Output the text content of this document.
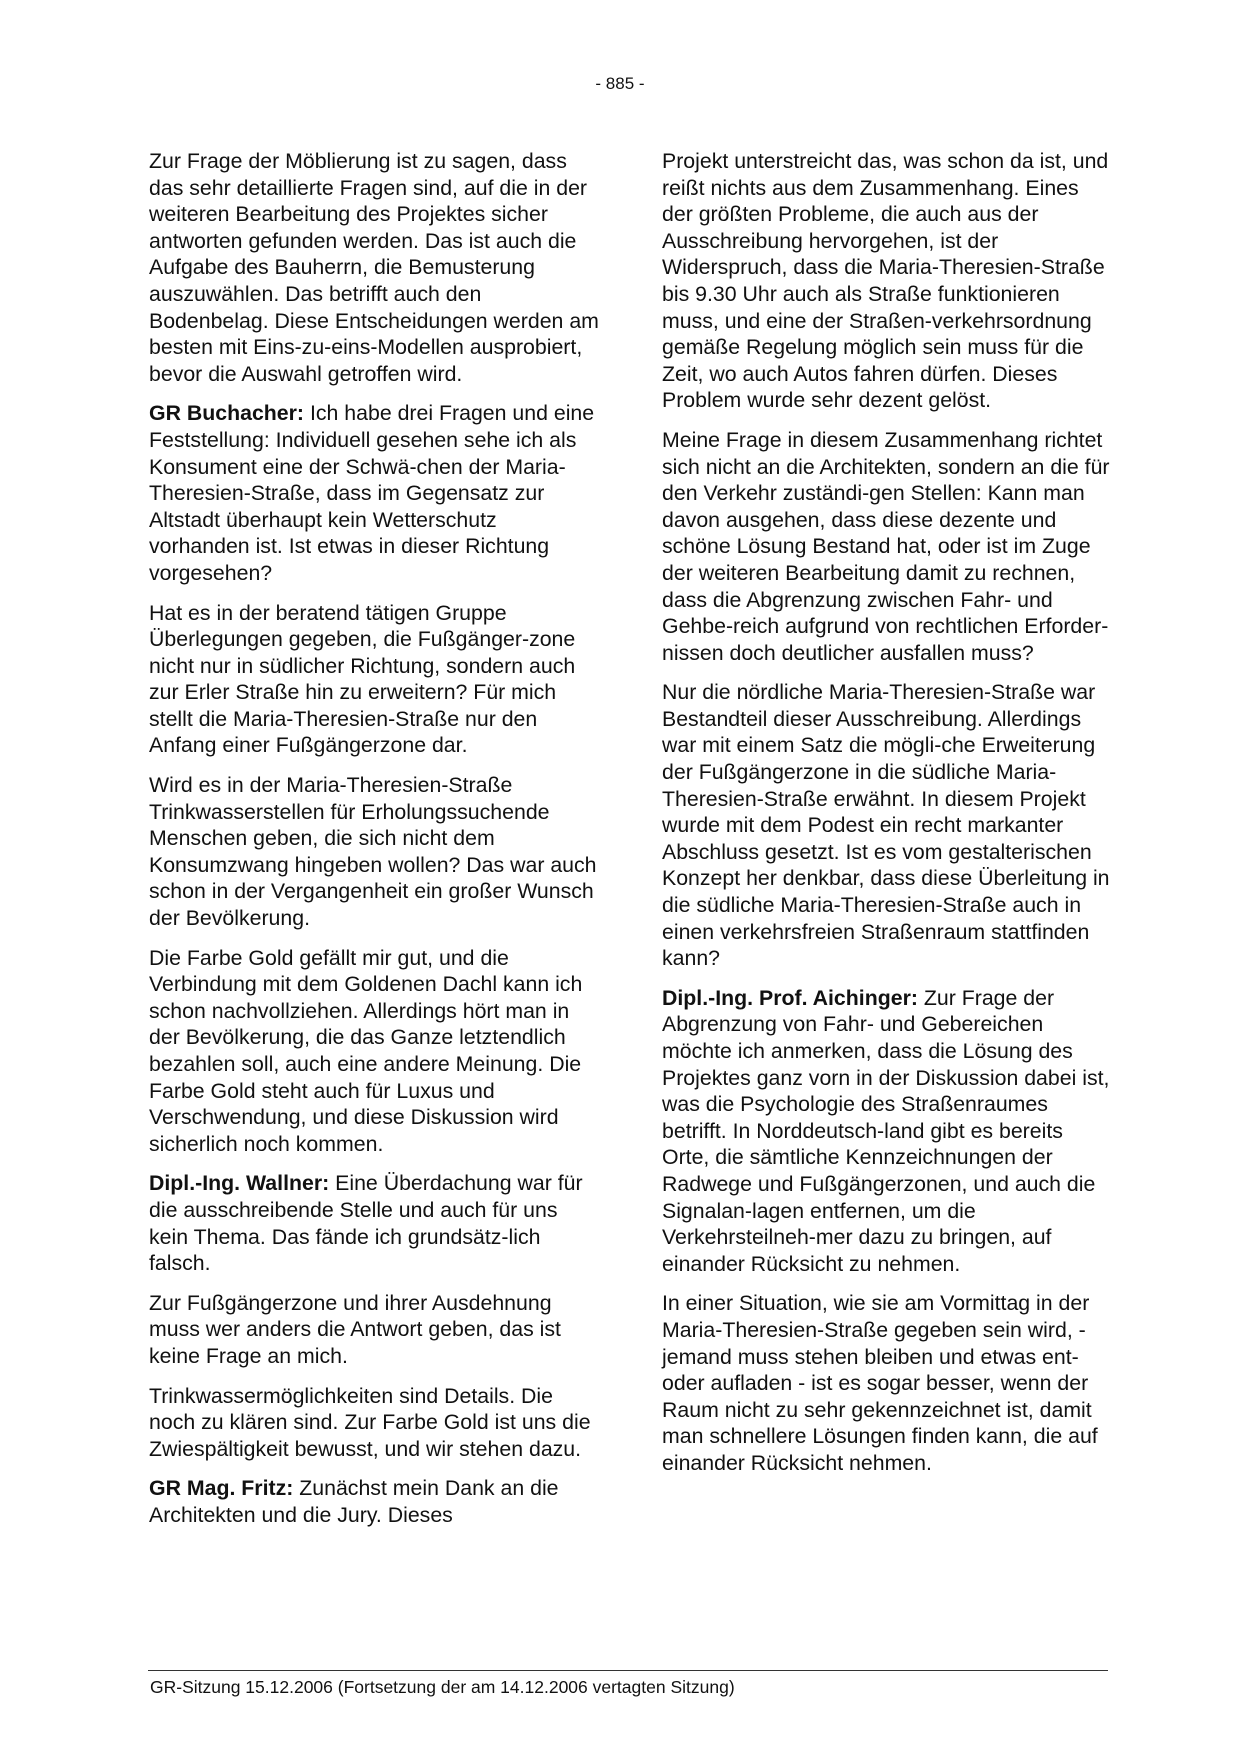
- 885 -

Zur Frage der Möblierung ist zu sagen, dass das sehr detaillierte Fragen sind, auf die in der weiteren Bearbeitung des Projektes sicher antworten gefunden werden. Das ist auch die Aufgabe des Bauherrn, die Bemusterung auszuwählen. Das betrifft auch den Bodenbelag. Diese Entscheidungen werden am besten mit Eins-zu-eins-Modellen ausprobiert, bevor die Auswahl getroffen wird.

GR Buchacher: Ich habe drei Fragen und eine Feststellung: Individuell gesehen sehe ich als Konsument eine der Schwä-chen der Maria-Theresien-Straße, dass im Gegensatz zur Altstadt überhaupt kein Wetterschutz vorhanden ist. Ist etwas in dieser Richtung vorgesehen?

Hat es in der beratend tätigen Gruppe Überlegungen gegeben, die Fußgänger-zone nicht nur in südlicher Richtung, sondern auch zur Erler Straße hin zu erweitern? Für mich stellt die Maria-Theresien-Straße nur den Anfang einer Fußgängerzone dar.

Wird es in der Maria-Theresien-Straße Trinkwasserstellen für Erholungssuchende Menschen geben, die sich nicht dem Konsumzwang hingeben wollen? Das war auch schon in der Vergangenheit ein großer Wunsch der Bevölkerung.

Die Farbe Gold gefällt mir gut, und die Verbindung mit dem Goldenen Dachl kann ich schon nachvollziehen. Allerdings hört man in der Bevölkerung, die das Ganze letztendlich bezahlen soll, auch eine andere Meinung. Die Farbe Gold steht auch für Luxus und Verschwendung, und diese Diskussion wird sicherlich noch kommen.

Dipl.-Ing. Wallner: Eine Überdachung war für die ausschreibende Stelle und auch für uns kein Thema. Das fände ich grundsätz-lich falsch.

Zur Fußgängerzone und ihrer Ausdehnung muss wer anders die Antwort geben, das ist keine Frage an mich.

Trinkwassermöglichkeiten sind Details. Die noch zu klären sind. Zur Farbe Gold ist uns die Zwiespältigkeit bewusst, und wir stehen dazu.

GR Mag. Fritz: Zunächst mein Dank an die Architekten und die Jury. Dieses

Projekt unterstreicht das, was schon da ist, und reißt nichts aus dem Zusammenhang. Eines der größten Probleme, die auch aus der Ausschreibung hervorgehen, ist der Widerspruch, dass die Maria-Theresien-Straße bis 9.30 Uhr auch als Straße funktionieren muss, und eine der Straßen-verkehrsordnung gemäße Regelung möglich sein muss für die Zeit, wo auch Autos fahren dürfen. Dieses Problem wurde sehr dezent gelöst.

Meine Frage in diesem Zusammenhang richtet sich nicht an die Architekten, sondern an die für den Verkehr zuständi-gen Stellen: Kann man davon ausgehen, dass diese dezente und schöne Lösung Bestand hat, oder ist im Zuge der weiteren Bearbeitung damit zu rechnen, dass die Abgrenzung zwischen Fahr- und Gehbe-reich aufgrund von rechtlichen Erforder-nissen doch deutlicher ausfallen muss?

Nur die nördliche Maria-Theresien-Straße war Bestandteil dieser Ausschreibung. Allerdings war mit einem Satz die mögli-che Erweiterung der Fußgängerzone in die südliche Maria-Theresien-Straße erwähnt. In diesem Projekt wurde mit dem Podest ein recht markanter Abschluss gesetzt. Ist es vom gestalterischen Konzept her denkbar, dass diese Überleitung in die südliche Maria-Theresien-Straße auch in einen verkehrsfreien Straßenraum stattfinden kann?

Dipl.-Ing. Prof. Aichinger: Zur Frage der Abgrenzung von Fahr- und Gebereichen möchte ich anmerken, dass die Lösung des Projektes ganz vorn in der Diskussion dabei ist, was die Psychologie des Straßenraumes betrifft. In Norddeutsch-land gibt es bereits Orte, die sämtliche Kennzeichnungen der Radwege und Fußgängerzonen, und auch die Signalan-lagen entfernen, um die Verkehrsteilneh-mer dazu zu bringen, auf einander Rücksicht zu nehmen.

In einer Situation, wie sie am Vormittag in der Maria-Theresien-Straße gegeben sein wird, - jemand muss stehen bleiben und etwas ent- oder aufladen - ist es sogar besser, wenn der Raum nicht zu sehr gekennzeichnet ist, damit man schnellere Lösungen finden kann, die auf einander Rücksicht nehmen.

GR-Sitzung 15.12.2006 (Fortsetzung der am 14.12.2006 vertagten Sitzung)
